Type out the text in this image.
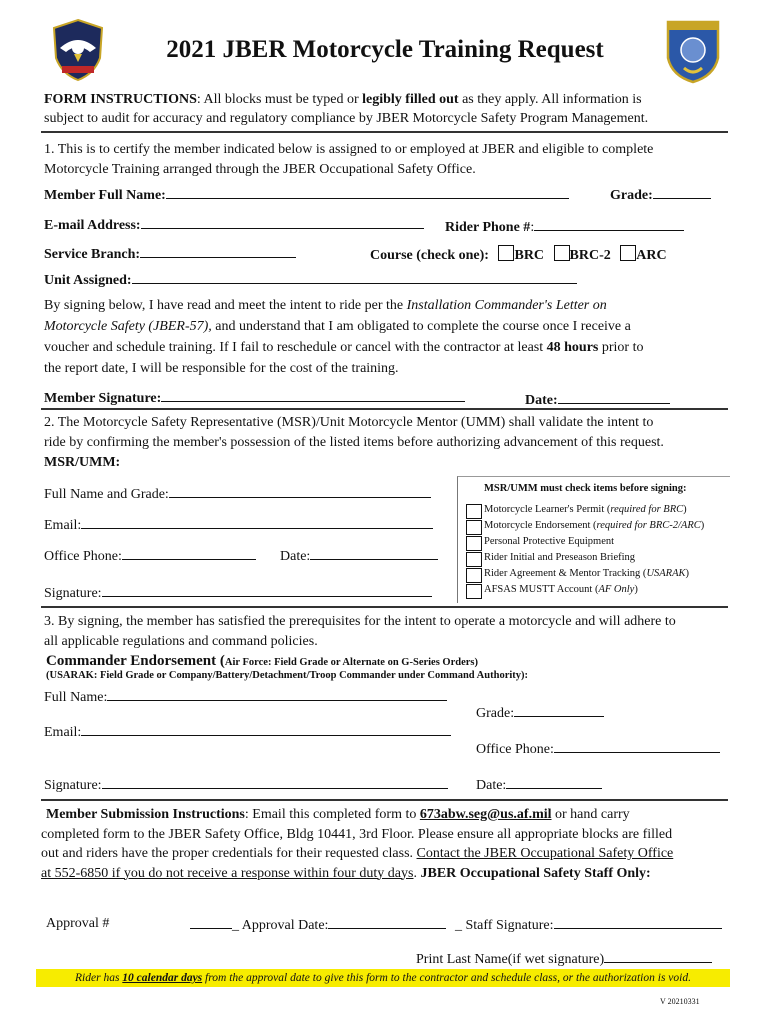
2021 JBER Motorcycle Training Request
FORM INSTRUCTIONS: All blocks must be typed or legibly filled out as they apply. All information is
subject to audit for accuracy and regulatory compliance by JBER Motorcycle Safety Program Management.
1. This is to certify the member indicated below is assigned to or employed at JBER and eligible to complete
Motorcycle Training arranged through the JBER Occupational Safety Office.
Member Full Name:	Grade:
E-mail Address:	Rider Phone #:
Service Branch:	Course (check one): BRC BRC-2 ARC
Unit Assigned:
By signing below, I have read and meet the intent to ride per the Installation Commander's Letter on
Motorcycle Safety (JBER-57), and understand that I am obligated to complete the course once I receive a
voucher and schedule training. If I fail to reschedule or cancel with the contractor at least 48 hours prior to
the report date, I will be responsible for the cost of the training.
Member Signature:	Date:
2. The Motorcycle Safety Representative (MSR)/Unit Motorcycle Mentor (UMM) shall validate the intent to
ride by confirming the member's possession of the listed items before authorizing advancement of this request.
MSR/UMM:
Full Name and Grade:
Email:
Office Phone:	Date:
Signature:
MSR/UMM must check items before signing:
Motorcycle Learner's Permit (required for BRC)
Motorcycle Endorsement (required for BRC-2/ARC)
Personal Protective Equipment
Rider Initial and Preseason Briefing
Rider Agreement & Mentor Tracking (USARAK)
AFSAS MUSTT Account (AF Only)
3. By signing, the member has satisfied the prerequisites for the intent to operate a motorcycle and will adhere to
all applicable regulations and command policies.
Commander Endorsement (Air Force: Field Grade or Alternate on G-Series Orders)
(USARAK: Field Grade or Company/Battery/Detachment/Troop Commander under Command Authority):
Full Name:
Grade:
Email:
Office Phone:
Signature:	Date:
Member Submission Instructions: Email this completed form to 673abw.seg@us.af.mil or hand carry
completed form to the JBER Safety Office, Bldg 10441, 3rd Floor. Please ensure all appropriate blocks are filled
out and riders have the proper credentials for their requested class. Contact the JBER Occupational Safety Office
at 552-6850 if you do not receive a response within four duty days. JBER Occupational Safety Staff Only:
Approval #	_ Approval Date:	_ Staff Signature:
Print Last Name(if wet signature)
Rider has 10 calendar days from the approval date to give this form to the contractor and schedule class, or the authorization is void.
V 20210331
